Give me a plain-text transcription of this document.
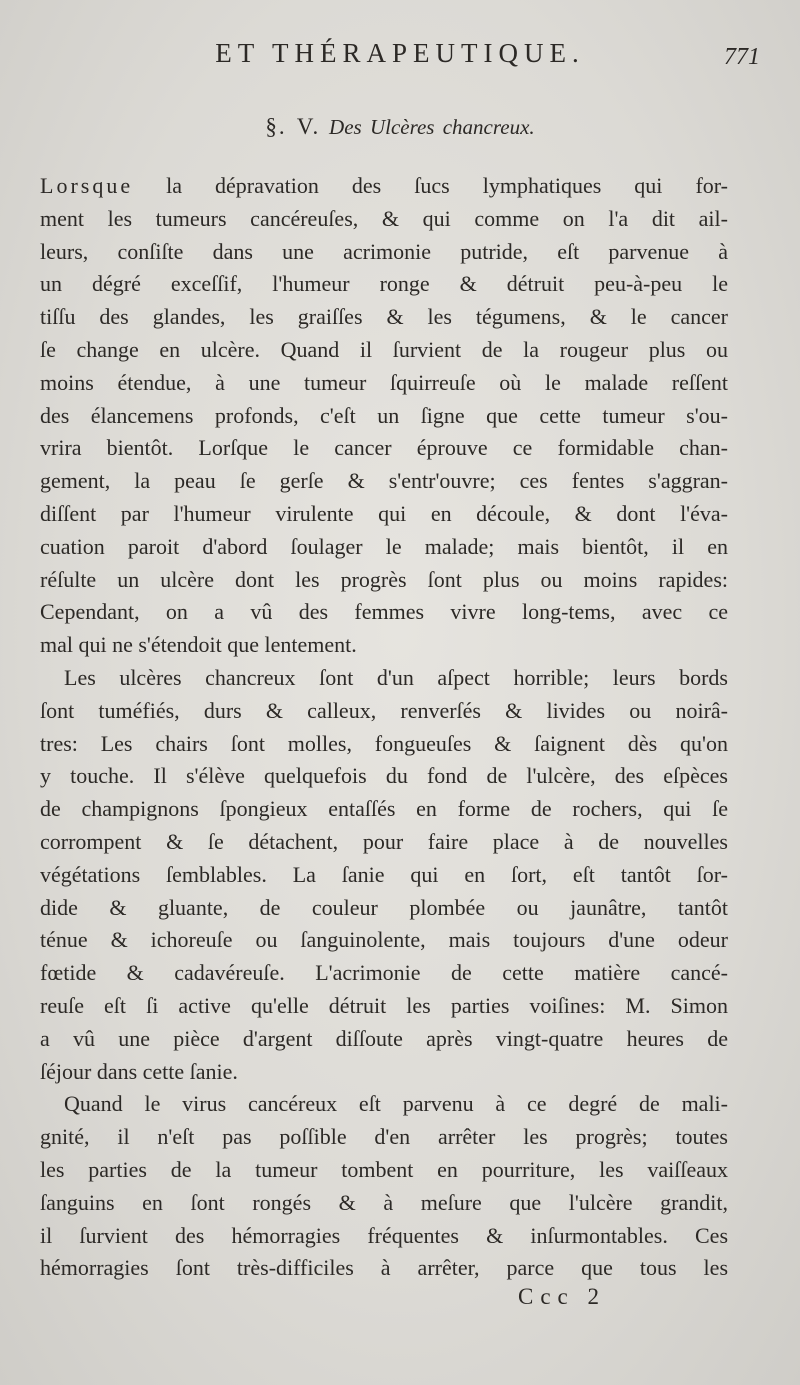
ET THÉRAPEUTIQUE.	771
§. V. Des Ulcères chancreux.
Lorsque la dépravation des ſucs lymphatiques qui for-
ment les tumeurs cancéreuſes, & qui comme on l'a dit ail-
leurs, conſiſte dans une acrimonie putride, eſt parvenue à
un dégré exceſſif, l'humeur ronge & détruit peu-à-peu le
tiſſu des glandes, les graiſſes & les tégumens, & le cancer
ſe change en ulcère. Quand il ſurvient de la rougeur plus ou
moins étendue, à une tumeur ſquirreuſe où le malade reſſent
des élancemens profonds, c'eſt un ſigne que cette tumeur s'ou-
vrira bientôt. Lorſque le cancer éprouve ce formidable chan-
gement, la peau ſe gerſe & s'entr'ouvre; ces fentes s'aggran-
diſſent par l'humeur virulente qui en découle, & dont l'éva-
cuation paroit d'abord ſoulager le malade; mais bientôt, il en
réſulte un ulcère dont les progrès ſont plus ou moins rapides:
Cependant, on a vû des femmes vivre long-tems, avec ce
mal qui ne s'étendoit que lentement.
Les ulcères chancreux ſont d'un aſpect horrible; leurs bords
ſont tuméfiés, durs & calleux, renverſés & livides ou noirâ-
tres: Les chairs ſont molles, fongueuſes & ſaignent dès qu'on
y touche. Il s'élève quelquefois du fond de l'ulcère, des eſpèces
de champignons ſpongieux entaſſés en forme de rochers, qui ſe
corrompent & ſe détachent, pour faire place à de nouvelles
végétations ſemblables. La ſanie qui en ſort, eſt tantôt ſor-
dide & gluante, de couleur plombée ou jaunâtre, tantôt
ténue & ichoreuſe ou ſanguinolente, mais toujours d'une odeur
fœtide & cadavéreuſe. L'acrimonie de cette matière cancé-
reuſe eſt ſi active qu'elle détruit les parties voiſines: M. Simon
a vû une pièce d'argent diſſoute après vingt-quatre heures de
ſéjour dans cette ſanie.
Quand le virus cancéreux eſt parvenu à ce degré de mali-
gnité, il n'eſt pas poſſible d'en arrêter les progrès; toutes
les parties de la tumeur tombent en pourriture, les vaiſſeaux
ſanguins en ſont rongés & à meſure que l'ulcère grandit,
il ſurvient des hémorragies fréquentes & inſurmontables. Ces
hémorragies ſont très-difficiles à arrêter, parce que tous les
Ccc 2
